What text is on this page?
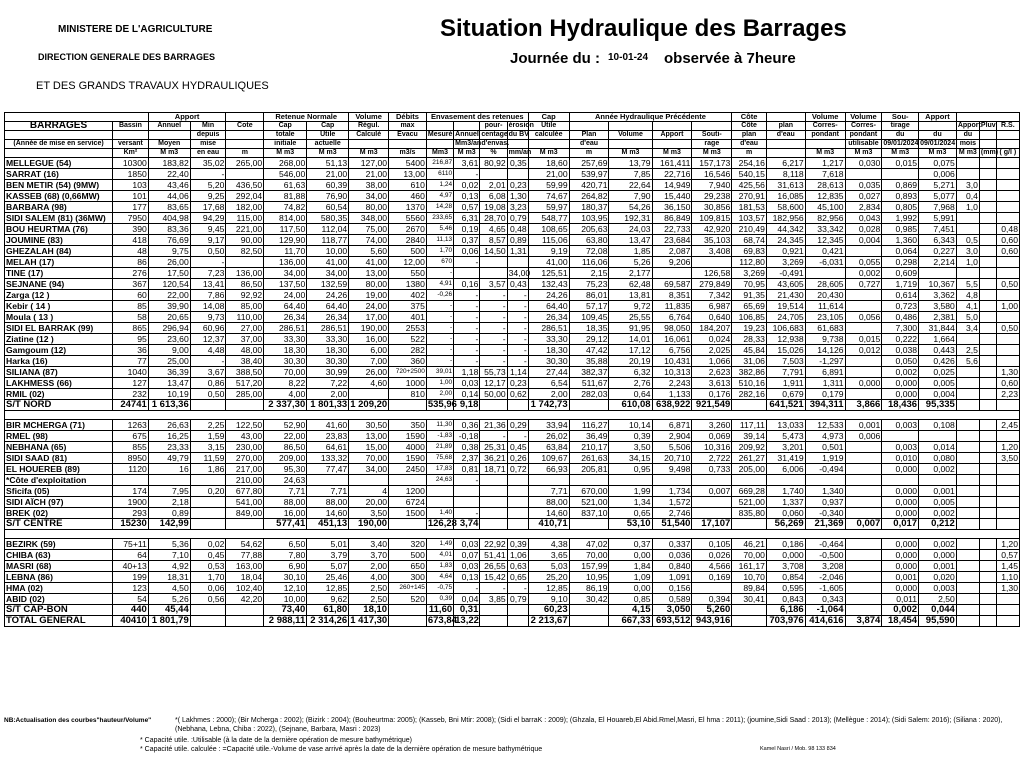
MINISTERE DE L'AGRICULTURE
DIRECTION GENERALE DES BARRAGES
ET DES GRANDS TRAVAUX HYDRAULIQUES
Situation Hydraulique des Barrages
Journée du : 10-01-24 observée à 7heure
		Apport			Retenue Normale		Volume	Débits	Envasement des retenues				Cap	Année Hydraulique Précédente				Côte		Volume	Volume	Sou-	Apport			
BARRAGES	Bassin	Annuel	Min	Cote	Cap	Cap	Régul.	max			pour-	érosion	Utile					Côte	plan	Corres-	Corres-	tirage		Apport	Pluv	R.S.
			depuis		totale	Utile	Calculé	Evacu	Mesuré	Annuel	centage	du BV	calculée	Plan	Volume	Apport	Souti-	plan	d'eau	pondant	pondant	du	du	du		
(Année de mise en service)	versant	Moyen	mise		initiale	actuelle				Mm3/an	d'envas.			d'eau			rage	d'eau			utilisable	09/01/2024	09/01/2024	mois		
	Km²	M m3	en eau	m	M m3	M m3	M m3	m3/s	Mm3	M m3	%	mm/an	M m3	m	M m3	M m3	M m3	m		M m3	M m3	M m3	M m3	M m3	(mm)	( g/l )
MELLEGUE (54)	10300	183,82	35,02	265,00	268,00	51,13	127,00	5400	216,87	3,61	80,92	0,35	18,60	257,69	13,79	161,411	157,173	254,16	6,217	1,217	0,030	0,015	0,075			
SARRAT (16)	1850	22,40	-		546,00	21,00	21,00	13,00	6110	-			21,00	539,97	7,85	22,716	16,546	540,15	8,118	7,618			0,006			
BEN METIR (54) (9MW)	103	43,46	5,20	436,50	61,63	60,39	38,00	610	1,24	0,02	2,01	0,23	59,99	420,71	22,64	14,949	7,940	425,56	31,613	28,613	0,035	0,869	5,271	3,0		
KASSEB (68) (0,66MW)	101	44,06	9,25	292,04	81,88	76,90	34,00	460	4,97	0,13	6,08	1,30	74,67	264,82	7,90	15,440	29,238	270,91	16,085	12,835	0,027	0,893	5,077	0,4		
BARBARA (98)	177	83,65	17,68	182,00	74,82	60,54	80,00	1370	14,28	0,57	19,08	3,23	59,97	180,37	54,26	36,150	30,856	181,53	58,600	45,100	2,834	0,805	7,968	1,0		
SIDI SALEM (81) (36MW)	7950	404,98	94,29	115,00	814,00	580,35	348,00	5560	233,65	6,31	28,70	0,79	548,77	103,95	192,31	86,849	109,815	103,57	182,956	82,956	0,043	1,992	5,991			
BOU HEURTMA (76)	390	83,36	9,45	221,00	117,50	112,04	75,00	2670	5,46	0,19	4,65	0,48	108,65	205,63	24,03	22,733	42,920	210,49	44,342	33,342	0,028	0,985	7,451			0,48
JOUMINE (83)	418	76,69	9,17	90,00	129,90	118,77	74,00	2840	11,13	0,37	8,57	0,89	115,06	63,80	13,47	23,684	35,103	68,74	24,345	12,345	0,004	1,360	6,343	0,5		0,60
GHEZALAH (84)	48	9,75	0,50	82,50	11,70	10,00	5,60	500	1,70	0,06	14,50	1,31	9,19	72,08	1,85	2,087	3,408	69,83	0,921	0,421		0,064	0,227	3,0		0,60
MELAH (17)	86	26,00	-		136,00	41,00	41,00	12,00	670	-			41,00	116,06	5,26	9,206		112,80	3,269	-6,031	0,055	0,298	2,214	1,0		
TINE (17)	276	17,50	7,23	136,00	34,00	34,00	13,00	550	-			34,00	125,51	2,15	2,177		126,58	3,269	-0,491		0,002	0,609				
SEJNANE (94)	367	120,54	13,41	86,50	137,50	132,59	80,00	1380	4,91	0,16	3,57	0,43	132,43	75,23	62,48	69,587	279,849	70,95	43,605	28,605	0,727	1,719	10,367	5,5		0,50
Zarga (12 )	60	22,00	7,86	92,92	24,00	24,26	19,00	402	-0,26	-	-	-	24,26	86,01	13,81	8,351	7,342	91,35	21,430	20,430		0,614	3,362	4,8		
Kebir ( 14 )	85	39,90	14,08	85,00	64,40	64,40	24,00	375	-	-	-	-	64,40	57,17	9,72	11,835	6,987	65,69	19,514	11,614		0,723	3,580	4,1		1,00
Moula ( 13 )	58	20,65	9,73	110,00	26,34	26,34	17,00	401	-	-	-	-	26,34	109,45	25,55	6,764	0,640	106,85	24,705	23,105	0,056	0,486	2,381	5,0		
SIDI EL BARRAK (99)	865	296,94	60,96	27,00	286,51	286,51	190,00	2553	-	-	-	-	286,51	18,35	91,95	98,050	184,207	19,23	106,683	61,683		7,300	31,844	3,4		0,50
Ziatine (12 )	95	23,60	12,37	37,00	33,30	33,30	16,00	522	-	-	-	-	33,30	29,12	14,01	16,061	0,024	28,33	12,938	9,738	0,015	0,222	1,664			
Gamgoum (12)	36	9,00	4,48	48,00	18,30	18,30	6,00	282	-	-	-	-	18,30	47,42	17,12	6,756	2,025	45,84	15,026	14,126	0,012	0,038	0,443	2,5		
Harka (16)	77	25,00	-	38,40	30,30	30,30	7,00	360	-	-	-	-	30,30	35,88	20,19	10,431	1,066	31,06	7,503	-1,297		0,050	0,426	5,6		
SILIANA (87)	1040	36,39	3,67	388,50	70,00	30,99	26,00	720+2500	39,01	1,18	55,73	1,14	27,44	382,37	6,32	10,313	2,623	382,86	7,791	6,891		0,002	0,025			1,30
LAKHMESS (66)	127	13,47	0,86	517,20	8,22	7,22	4,60	1000	1,00	0,03	12,17	0,23	6,54	511,67	2,76	2,243	3,613	510,16	1,911	1,311	0,000	0,000	0,005			0,60
RMIL (02)	232	10,19	0,50	285,00	4,00	2,00		810	2,00	0,14	50,00	0,62	2,00	282,03	0,64	1,133	0,176	282,16	0,679	0,179		0,000	0,004			2,23
S/T NORD	24741	1 613,36			2 337,30	1 801,33	1 209,20		535,96	9,18			1 742,73		610,08	638,922	921,549		641,521	394,311	3,866	18,436	95,335			

BIR MCHERGA (71)	1263	26,63	2,25	122,50	52,90	41,60	30,50	350	11,30	0,36	21,36	0,29	33,94	116,27	10,14	6,871	3,260	117,11	13,033	12,533	0,001	0,003	0,108			2,45
RMEL (98)	675	16,25	1,59	43,00	22,00	23,83	13,00	1590	-1,83	-0,18	-	-	26,02	36,49	0,39	2,904	0,069	39,14	5,473	4,973	0,006					
NEBHANA (65)	855	23,33	3,15	230,00	86,50	64,61	15,00	4000	21,89	0,38	25,31	0,45	63,84	210,17	3,50	5,506	10,316	209,92	3,201	0,501		0,003	0,014			1,20
SIDI SAAD (81)	8950	49,79	11,59	270,00	209,00	133,32	70,00	1590	75,68	2,37	36,21	0,26	109,67	261,63	34,15	20,710	2,722	261,27	31,419	1,919		0,010	0,080			3,50
EL HOUEREB (89)	1120	16	1,86	217,00	95,30	77,47	34,00	2450	17,83	0,81	18,71	0,72	66,93	205,81	0,95	9,498	0,733	205,00	6,006	-0,494		0,000	0,002			
*Côte d'exploitation				210,00	24,63				24,63	-																
Sficifa (05)	174	7,95	0,20	677,80	7,71	7,71	4	1200					7,71	670,00	1,99	1,734	0,007	669,28	1,740	1,340		0,000	0,001			
SIDI AÏCH (97)	1900	2,18		541,00	88,00	88,00	20,00	6724					88,00	521,00	1,34	1,572		521,00	1,337	0,937		0,000	0,005			
BREK (02)	293	0,89		849,00	16,00	14,60	3,50	1500	1,40	-			14,60	837,10	0,65	2,746		835,80	0,060	-0,340		0,000	0,002			
S/T CENTRE	15230	142,99			577,41	451,13	190,00		126,28	3,74			410,71		53,10	51,540	17,107		56,269	21,369	0,007	0,017	0,212			

BEZIRK (59)	75+11	5,36	0,02	54,62	6,50	5,01	3,40	320	1,49	0,03	22,92	0,39	4,38	47,02	0,37	0,337	0,105	46,21	0,186	-0,464		0,000	0,002			1,20
CHIBA (63)	64	7,10	0,45	77,88	7,80	3,79	3,70	500	4,01	0,07	51,41	1,06	3,65	70,00	0,00	0,036	0,026	70,00	0,000	-0,500		0,000	0,000			0,57
MASRI (68)	40+13	4,92	0,53	163,00	6,90	5,07	2,00	650	1,83	0,03	26,55	0,63	5,03	157,99	1,84	0,840	4,566	161,17	3,708	3,208		0,000	0,001			1,45
LEBNA (86)	199	18,31	1,70	18,04	30,10	25,46	4,00	300	4,64	0,13	15,42	0,65	25,20	10,95	1,09	1,091	0,169	10,70	0,854	-2,046		0,001	0,020			1,10
HMA (02)	123	4,50	0,06	102,40	12,10	12,85	2,50	260+145	-0,75	-	-	-	12,85	86,19	0,00	0,156		89,84	0,595	-1,605		0,000	0,003			1,30
ABID (02)	54	5,26	0,56	42,20	10,00	9,62	2,50	520	0,39	0,04	3,85	0,79	9,10	30,42	0,85	0,589	0,394	30,41	0,843	0,343		0,011	2,50			
S/T CAP-BON	440	45,44			73,40	61,80	18,10		11,60	0,31			60,23		4,15	3,050	5,260		6,186	-1,064		0,002	0,044			
TOTAL GENERAL	40410	1 801,79			2 988,11	2 314,26	1 417,30		673,84	13,22			2 213,67		667,33	693,512	943,916		703,976	414,616	3,874	18,454	95,590			
NB:Actualisation des courbes"hauteur/Volume"	*( Lakhmes : 2000); (Bir Mcherga : 2002); (Bizirk : 2004); (Bouheurtma: 2005); (Kasseb, Bni Mtir: 2008); (Sidi el barraK : 2009); (Ghzala, El Houareb,El Abid.Rmel,Masri, El hma : 2011); (joumine,Sidi Saad : 2013); (Mellègue : 2014); (Sidi Salem: 2016); (Siliana : 2020), (Nebhana, Lebna, Chiba : 2022), (Sejnane, Barbara, Masri : 2023)
* Capacité utile. :Utilisable (à la date de la dernière opération de mesure bathymétrique)
* Capacité utile. calculée : =Capacité utile.-Volume de vase arrivé après la date de la dernière opération de mesure bathymétrique	Kamel Nasri / Mob. 98 133 834
